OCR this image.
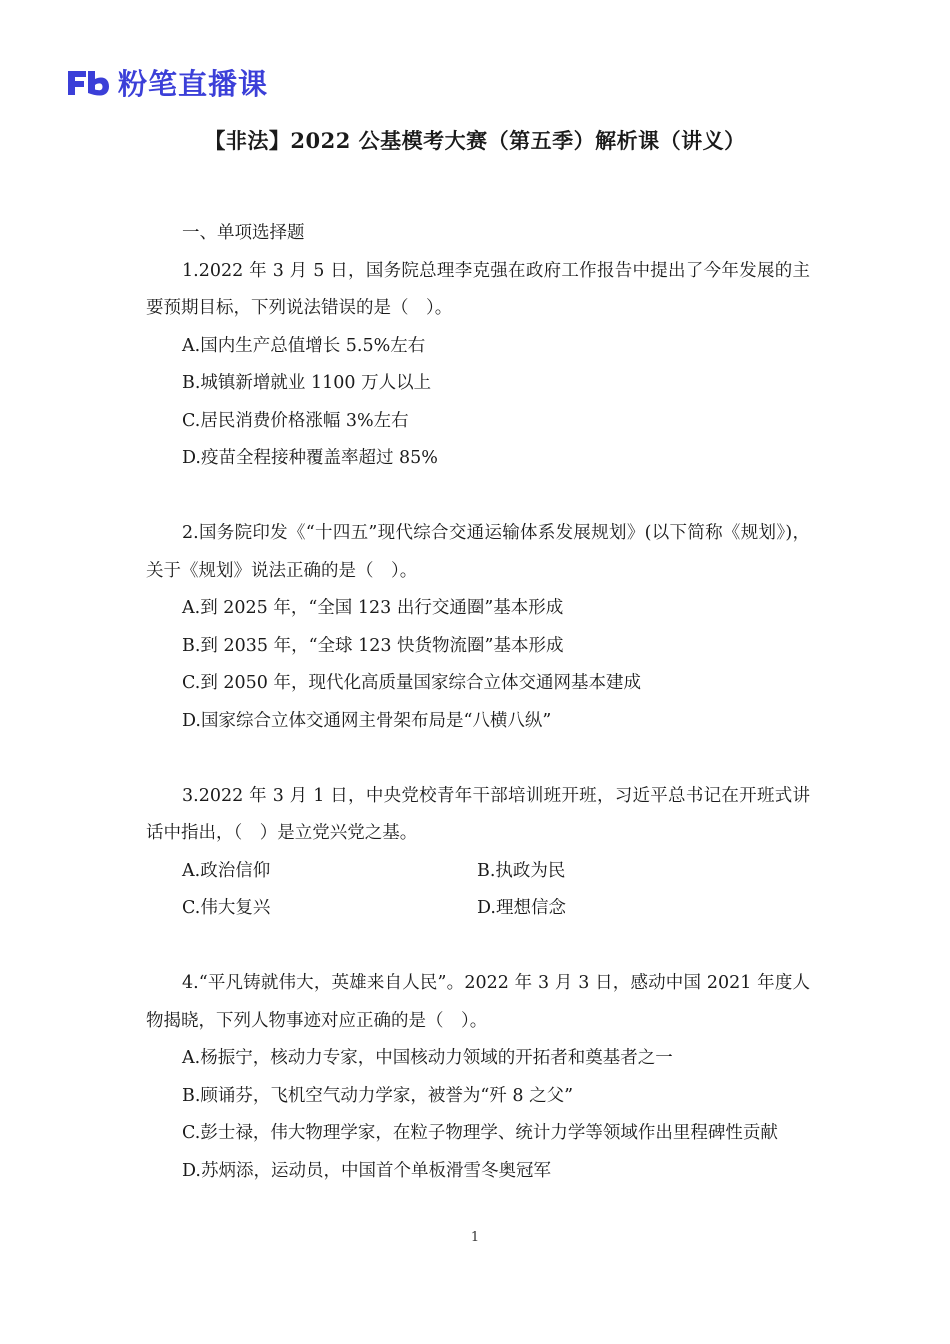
粉笔直播课
【非法】2022 公基模考大赛（第五季）解析课（讲义）

一、单项选择题

1.2022 年 3 月 5 日，国务院总理李克强在政府工作报告中提出了今年发展的主要预期目标，下列说法错误的是（　）。

A.国内生产总值增长 5.5%左右

B.城镇新增就业 1100 万人以上

C.居民消费价格涨幅 3%左右

D.疫苗全程接种覆盖率超过 85%

2.国务院印发《“十四五”现代综合交通运输体系发展规划》(以下简称《规划》)，关于《规划》说法正确的是（　）。

A.到 2025 年，“全国 123 出行交通圈”基本形成

B.到 2035 年，“全球 123 快货物流圈”基本形成

C.到 2050 年，现代化高质量国家综合立体交通网基本建成

D.国家综合立体交通网主骨架布局是“八横八纵”

3.2022 年 3 月 1 日，中央党校青年干部培训班开班，习近平总书记在开班式讲话中指出，（　）是立党兴党之基。

A.政治信仰	B.执政为民
C.伟大复兴	D.理想信念

4.“平凡铸就伟大，英雄来自人民”。2022 年 3 月 3 日，感动中国 2021 年度人物揭晓，下列人物事迹对应正确的是（　）。

A.杨振宁，核动力专家，中国核动力领域的开拓者和奠基者之一

B.顾诵芬，飞机空气动力学家，被誉为“歼 8 之父”

C.彭士禄，伟大物理学家，在粒子物理学、统计力学等领域作出里程碑性贡献

D.苏炳添，运动员，中国首个单板滑雪冬奥冠军

1
